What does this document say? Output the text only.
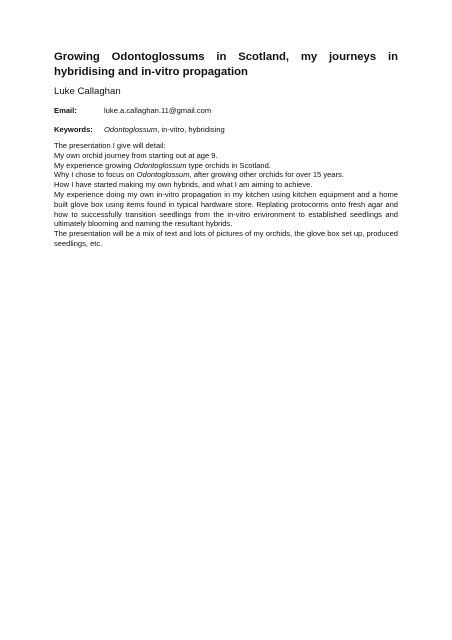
Growing Odontoglossums in Scotland, my journeys in hybridising and in-vitro propagation
Luke Callaghan
Email:	luke.a.callaghan.11@gmail.com
Keywords:	Odontoglossum, in-vitro, hybridising
The presentation I give will detail:
My own orchid journey from starting out at age 9.
My experience growing Odontoglossum type orchids in Scotland.
Why I chose to focus on Odontoglossum, after growing other orchids for over 15 years.
How I have started making my own hybrids, and what I am aiming to achieve.
My experience doing my own in-vitro propagation in my kitchen using kitchen equipment and a home built glove box using items found in typical hardware store. Replating protocorms onto fresh agar and how to successfully transition seedlings from the in-vitro environment to established seedlings and ultimately blooming and naming the resultant hybrids.
The presentation will be a mix of text and lots of pictures of my orchids, the glove box set up, produced seedlings, etc.
